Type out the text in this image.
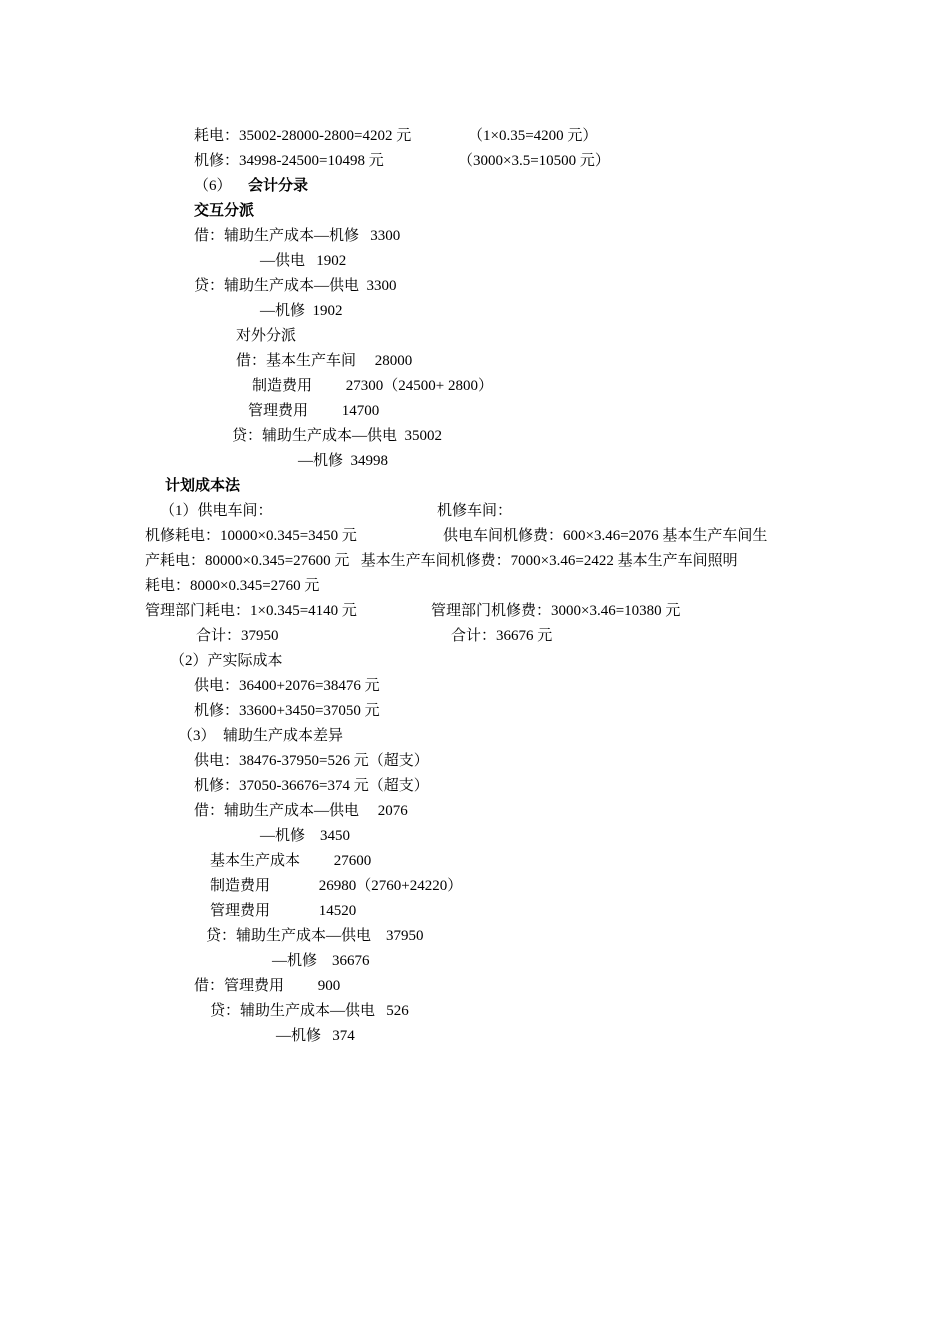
耗电：35002-28000-2800=4202 元	（1×0.35=4200 元）
机修：34998-24500=10498 元	（3000×3.5=10500 元）
（6） 会计分录
交互分派
借：辅助生产成本—机修   3300
—供电   1902
贷：辅助生产成本—供电  3300
—机修  1902
对外分派
借：基本生产车间     28000
制造费用         27300（24500+ 2800）
管理费用         14700
贷：辅助生产成本—供电  35002
—机修  34998
计划成本法
（1）供电车间：	机修车间：
机修耗电：10000×0.345=3450 元	供电车间机修费：600×3.46=2076 基本生产车间生
产耗电：80000×0.345=27600 元   基本生产车间机修费：7000×3.46=2422 基本生产车间照明
耗电：8000×0.345=2760 元
管理部门耗电：1×0.345=4140 元	管理部门机修费：3000×3.46=10380 元
合计：37950	合计：36676 元
（2）产实际成本
供电：36400+2076=38476 元
机修：33600+3450=37050 元
（3）  辅助生产成本差异
供电：38476-37950=526 元（超支）
机修：37050-36676=374 元（超支）
借：辅助生产成本—供电     2076
—机修    3450
基本生产成本         27600
制造费用             26980（2760+24220）
管理费用             14520
贷：辅助生产成本—供电    37950
—机修    36676
借：管理费用         900
贷：辅助生产成本—供电   526
—机修   374
